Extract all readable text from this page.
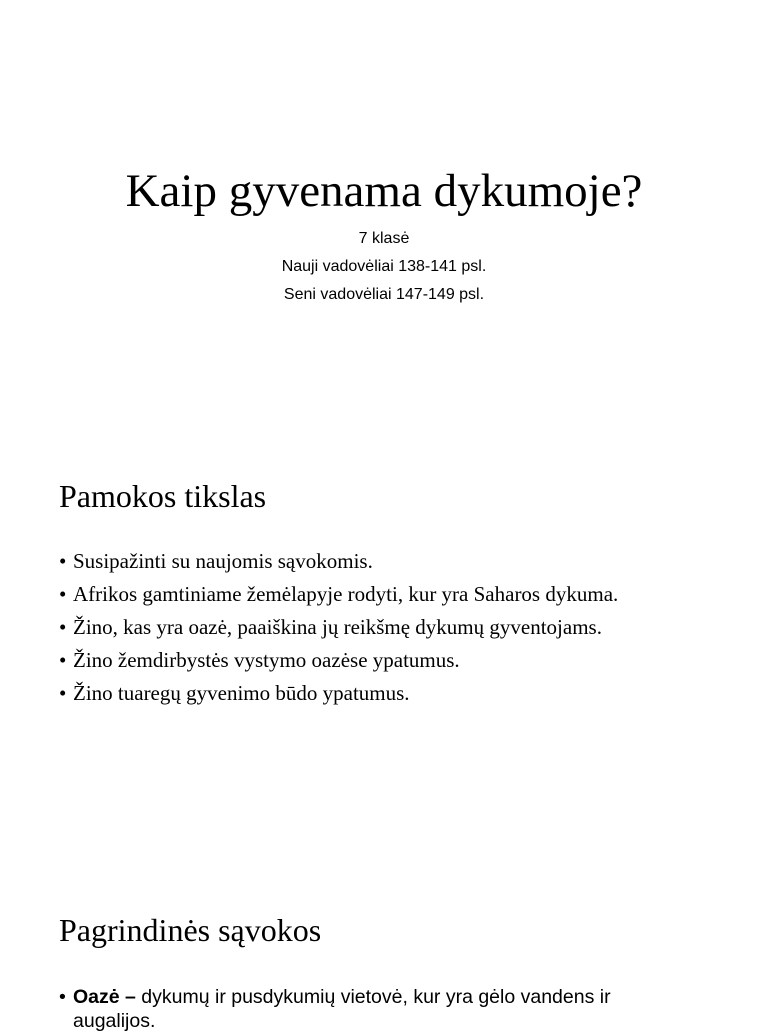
Kaip gyvenama dykumoje?
7 klasė
Nauji vadovėliai 138-141 psl.
Seni vadovėliai 147-149 psl.
Pamokos tikslas
• Susipažinti su naujomis sąvokomis.
• Afrikos gamtiniame žemėlapyje rodyti, kur yra Saharos dykuma.
• Žino, kas yra oazė, paaiškina jų reikšmę dykumų gyventojams.
• Žino žemdirbystės vystymo oazėse ypatumus.
• Žino tuaregų gyvenimo būdo ypatumus.
Pagrindinės sąvokos
• Oazė – dykumų ir pusdykumių vietovė, kur yra gėlo vandens ir
augalijos.
